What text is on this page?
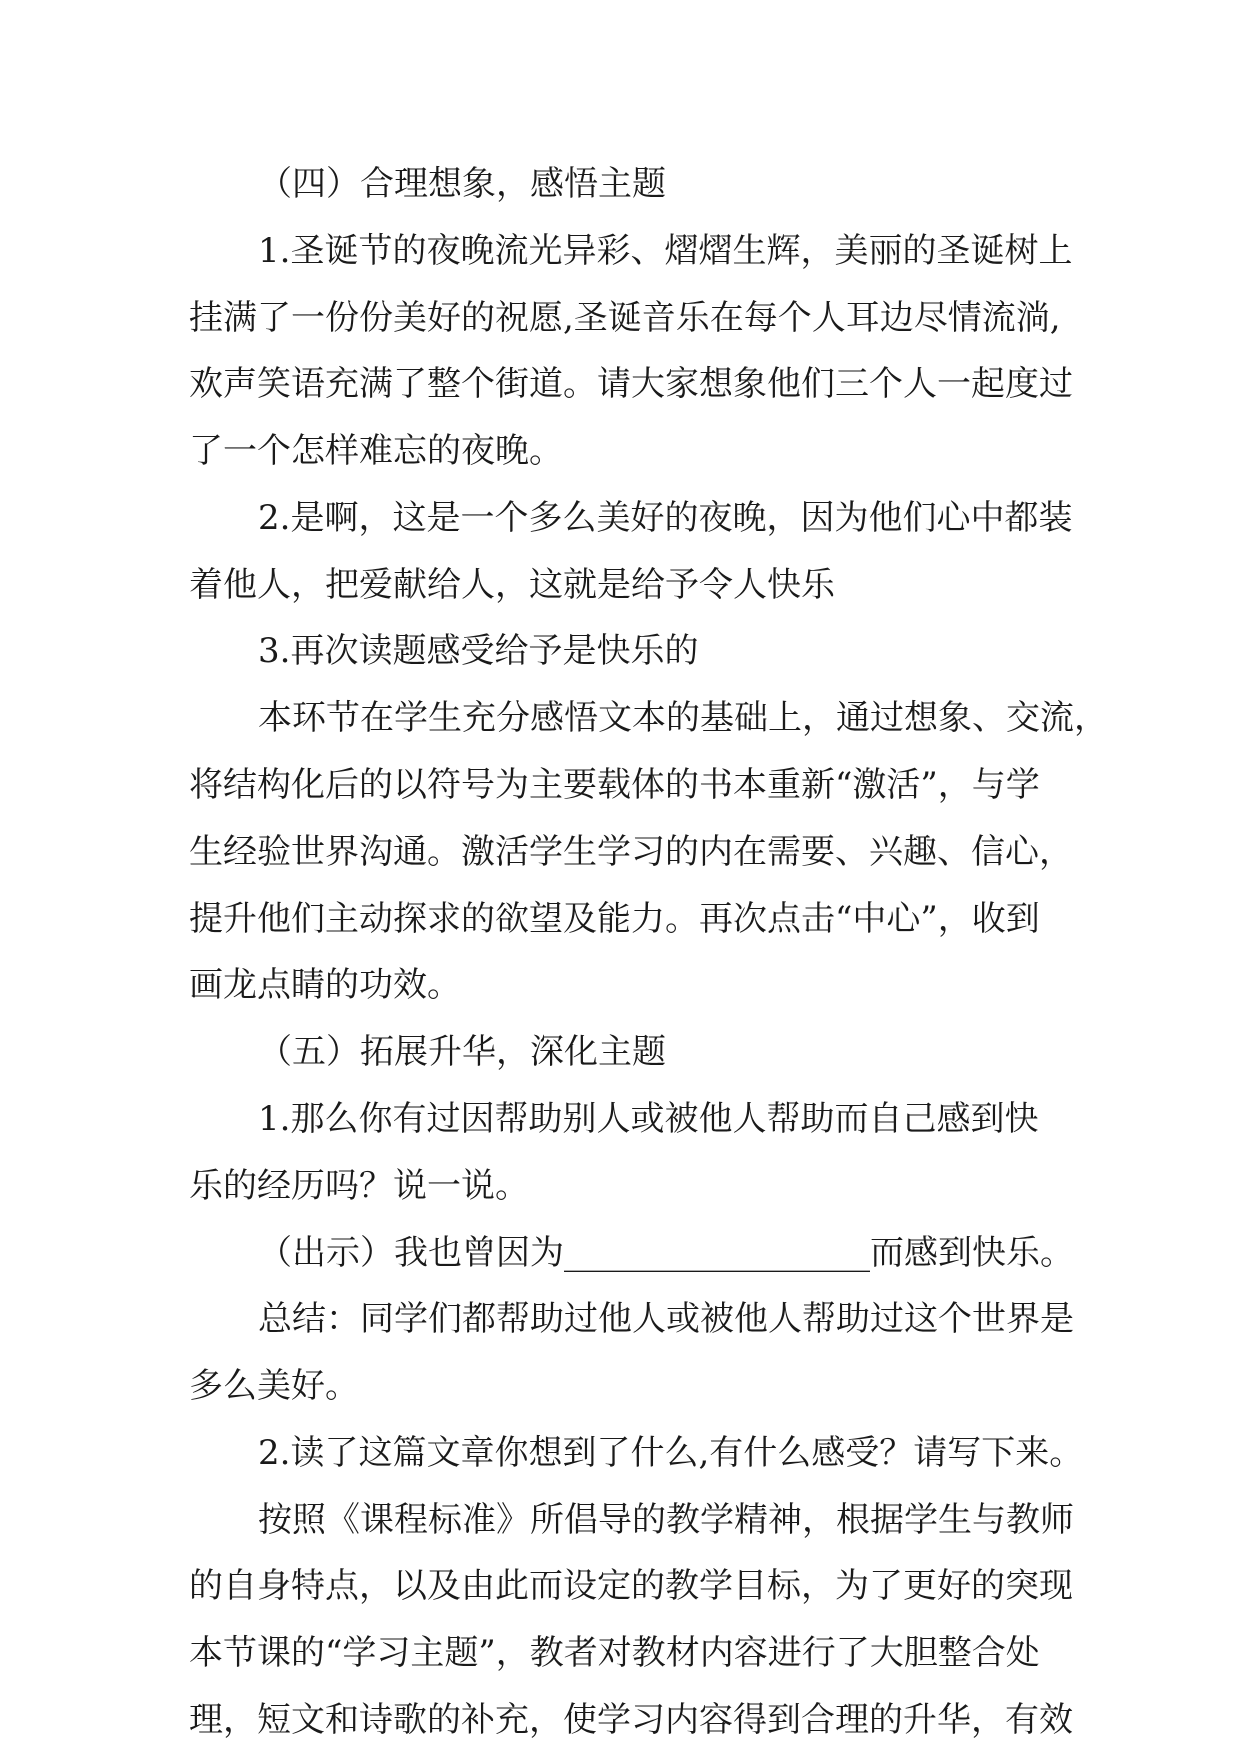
（四）合理想象，感悟主题
1.圣诞节的夜晚流光异彩、熠熠生辉，美丽的圣诞树上
挂满了一份份美好的祝愿,圣诞音乐在每个人耳边尽情流淌,
欢声笑语充满了整个街道。请大家想象他们三个人一起度过
了一个怎样难忘的夜晚。
2.是啊，这是一个多么美好的夜晚，因为他们心中都装
着他人，把爱献给人，这就是给予令人快乐
3.再次读题感受给予是快乐的
本环节在学生充分感悟文本的基础上，通过想象、交流，
将结构化后的以符号为主要载体的书本重新“激活”，与学
生经验世界沟通。激活学生学习的内在需要、兴趣、信心，
提升他们主动探求的欲望及能力。再次点击“中心”，收到
画龙点睛的功效。
（五）拓展升华，深化主题
1.那么你有过因帮助别人或被他人帮助而自己感到快
乐的经历吗？说一说。
（出示）我也曾因为__________________而感到快乐。
总结：同学们都帮助过他人或被他人帮助过这个世界是
多么美好。
2.读了这篇文章你想到了什么,有什么感受？请写下来。
按照《课程标准》所倡导的教学精神，根据学生与教师
的自身特点，以及由此而设定的教学目标，为了更好的突现
本节课的“学习主题”，教者对教材内容进行了大胆整合处
理，短文和诗歌的补充，使学习内容得到合理的升华，有效
